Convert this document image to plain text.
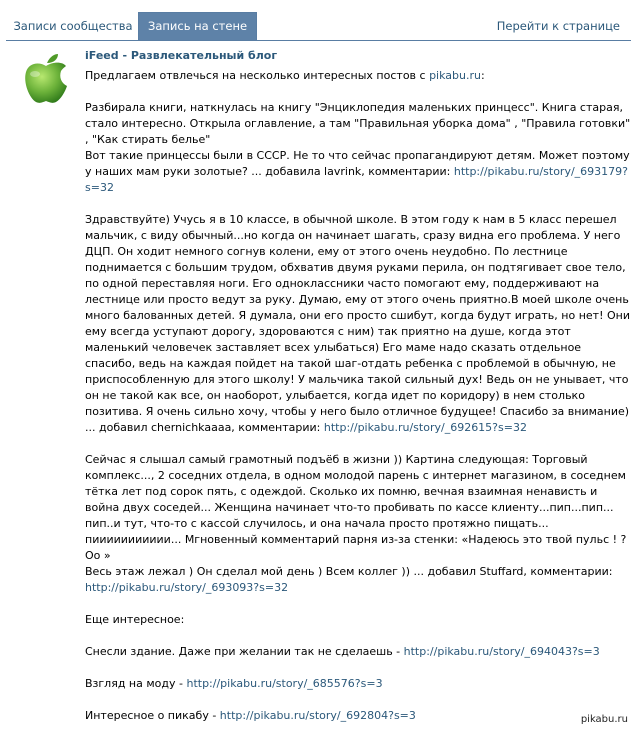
Записи сообщества	Запись на стене	Перейти к странице
iFeed - Развлекательный блог
Предлагаем отвлечься на несколько интересных постов с pikabu.ru:
Разбирала книги, наткнулась на книгу "Энциклопедия маленьких принцесс". Книга старая,
стало интересно. Открыла оглавление, а там "Правильная уборка дома" , "Правила готовки"
, "Как стирать белье"
Вот такие принцессы были в СССР. Не то что сейчас пропагандируют детям. Может поэтому
у наших мам руки золотые? ... добавила lavrink, комментарии: http://pikabu.ru/story/_693179?
s=32
Здравствуйте) Учусь я в 10 классе, в обычной школе. В этом году к нам в 5 класс перешел
мальчик, с виду обычный...но когда он начинает шагать, сразу видна его проблема. У него
ДЦП. Он ходит немного согнув колени, ему от этого очень неудобно. По лестнице
поднимается с большим трудом, обхватив двумя руками перила, он подтягивает свое тело,
по одной переставляя ноги. Его одноклассники часто помогают ему, поддерживают на
лестнице или просто ведут за руку. Думаю, ему от этого очень приятно.В моей школе очень
много балованных детей. Я думала, они его просто сшибут, когда будут играть, но нет! Они
ему всегда уступают дорогу, здороваются с ним) так приятно на душе, когда этот
маленький человечек заставляет всех улыбаться) Его маме надо сказать отдельное
спасибо, ведь на каждая пойдет на такой шаг-отдать ребенка с проблемой в обычную, не
приспособленную для этого школу! У мальчика такой сильный дух! Ведь он не унывает, что
он не такой как все, он наоборот, улыбается, когда идет по коридору) в нем столько
позитива. Я очень сильно хочу, чтобы у него было отличное будущее! Спасибо за внимание)
... добавил chernichkaaaa, комментарии: http://pikabu.ru/story/_692615?s=32
Сейчас я слышал самый грамотный подъёб в жизни )) Картина следующая: Торговый
комплекс..., 2 соседних отдела, в одном молодой парень с интернет магазином, в соседнем
тётка лет под сорок пять, с одеждой. Сколько их помню, вечная взаимная ненависть и
война двух соседей... Женщина начинает что-то пробивать по кассе клиенту...пип...пип...
пип..и тут, что-то с кассой случилось, и она начала просто протяжно пищать...
пиииииииииии... Мгновенный комментарий парня из-за стенки: «Надеюсь это твой пульс ! ?
Оо »
Весь этаж лежал ) Он сделал мой день ) Всем коллег )) ... добавил Stuffard, комментарии:
http://pikabu.ru/story/_693093?s=32
Еще интересное:
Снесли здание. Даже при желании так не сделаешь - http://pikabu.ru/story/_694043?s=3
Взгляд на моду - http://pikabu.ru/story/_685576?s=3
Интересное о пикабу - http://pikabu.ru/story/_692804?s=3	pikabu.ru
